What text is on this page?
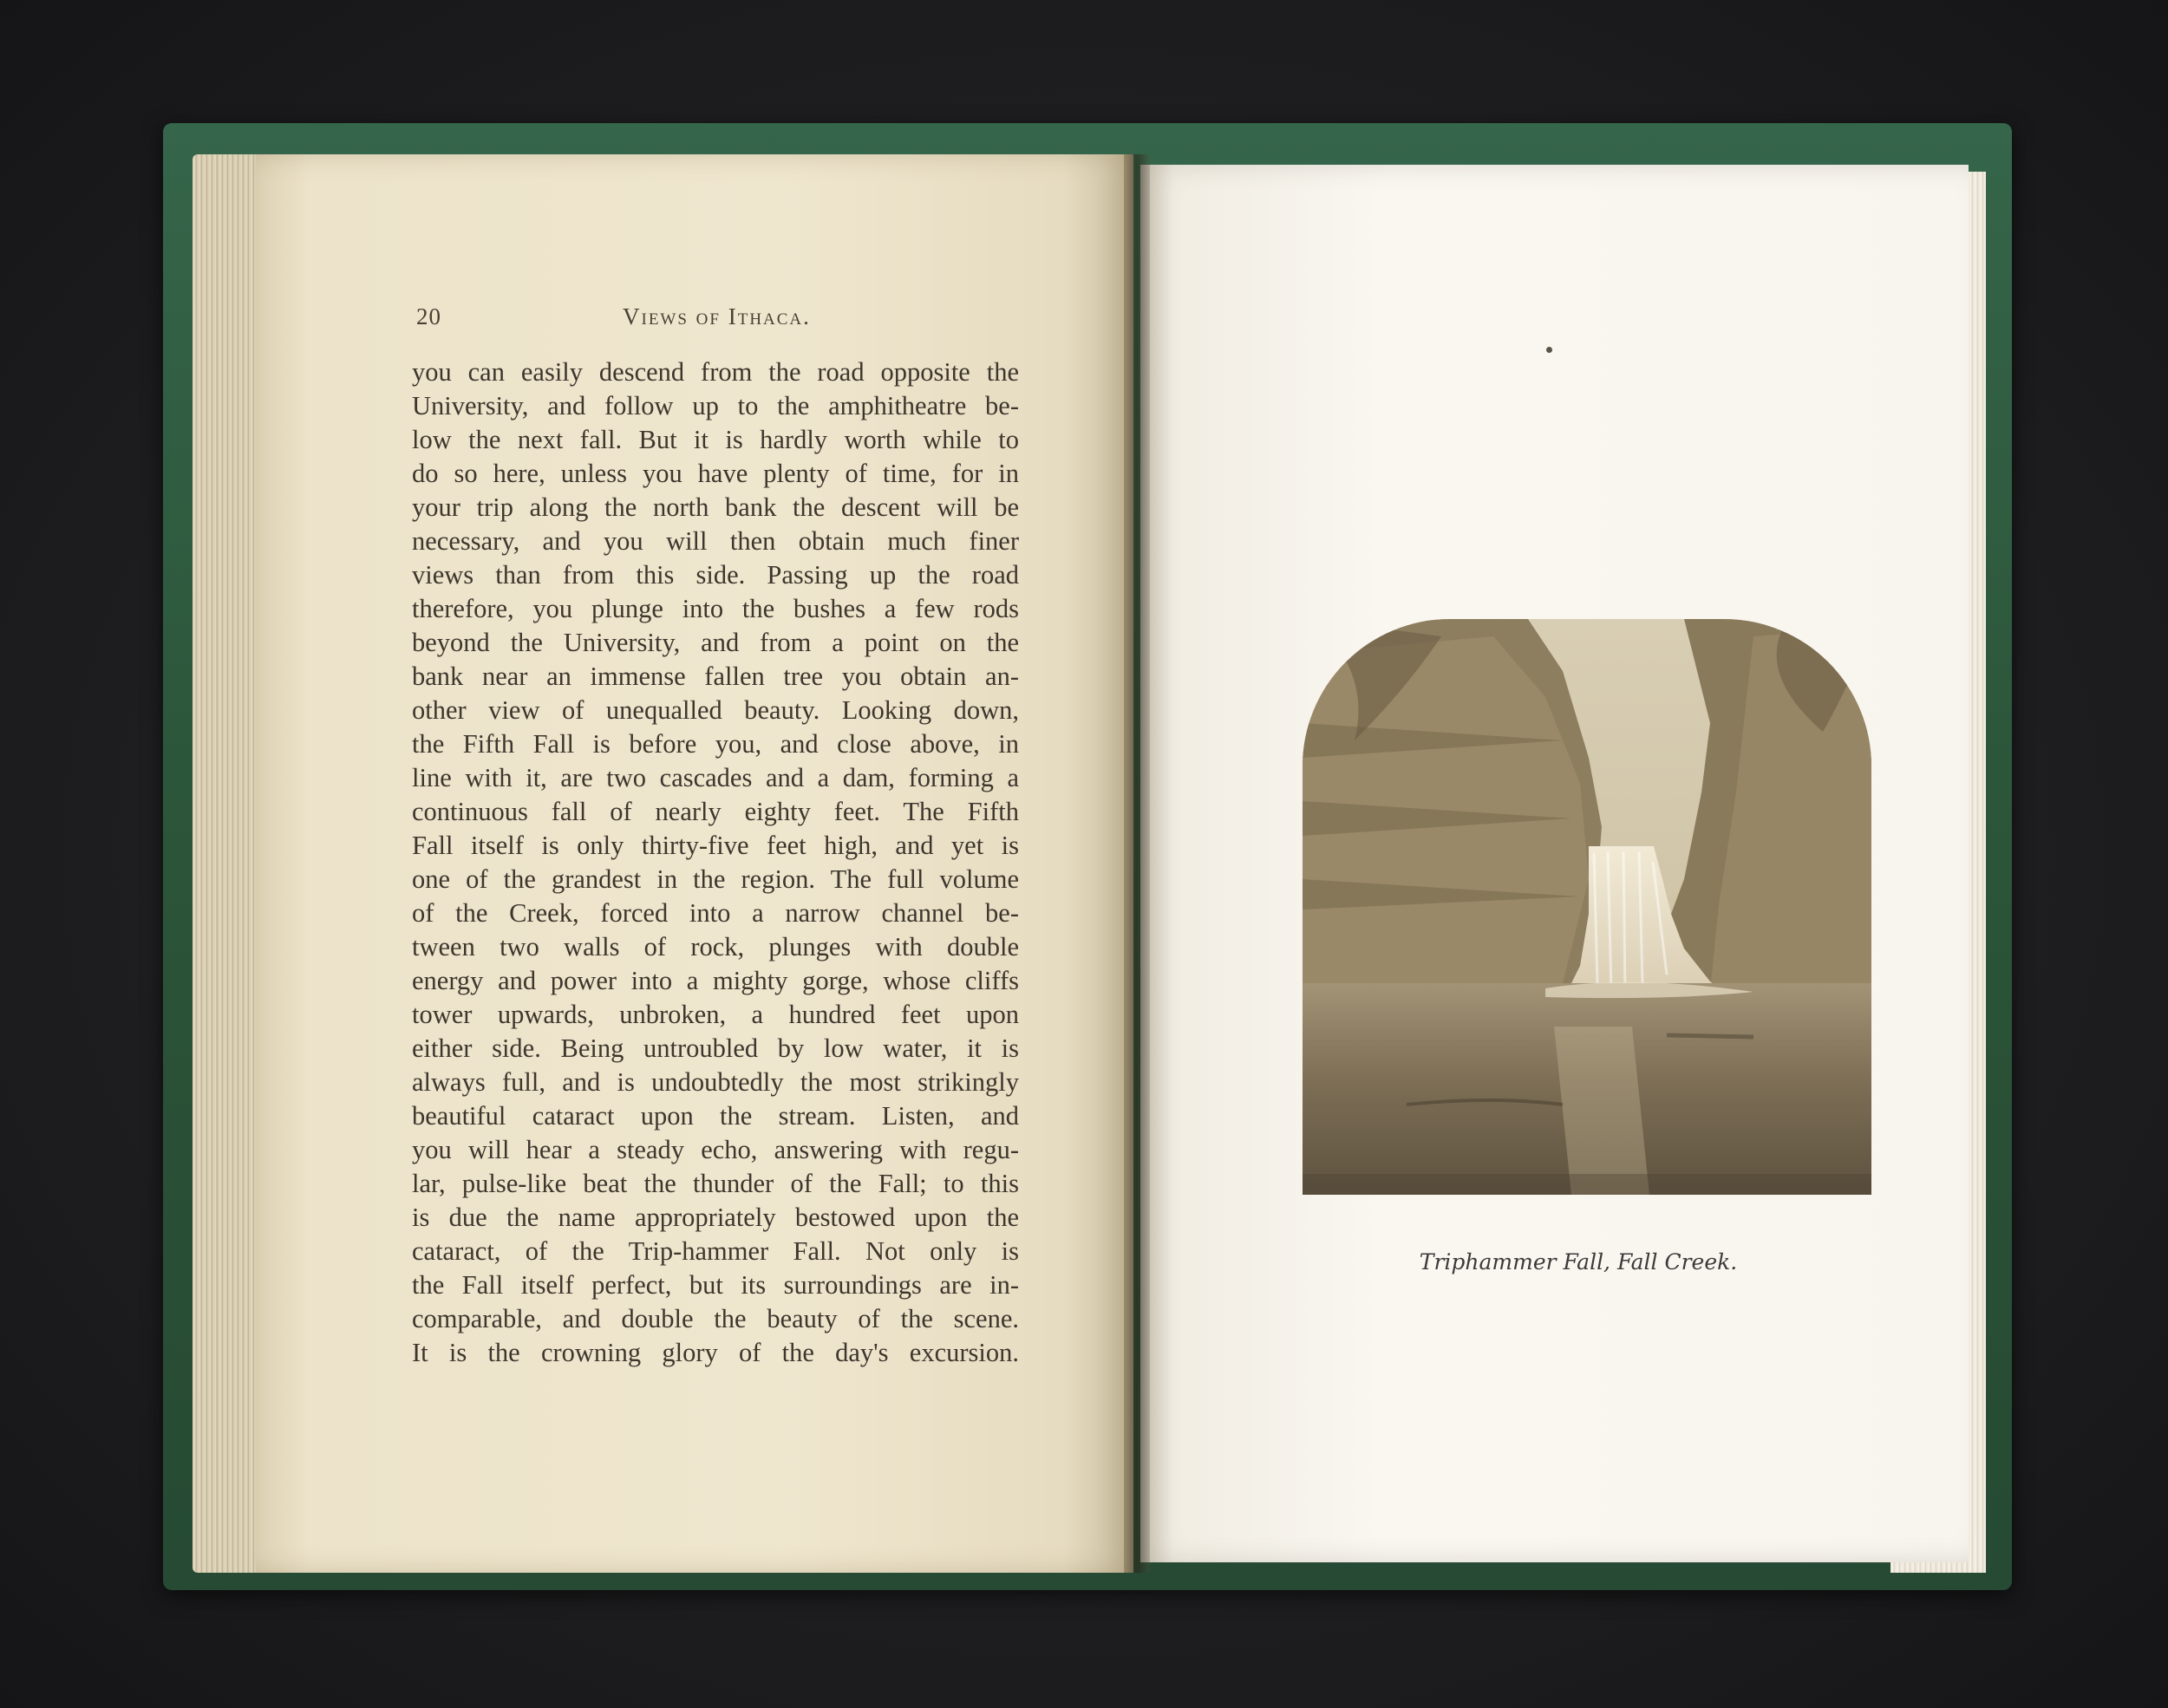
20	Views of Ithaca.
you can easily descend from the road opposite the
University, and follow up to the amphitheatre be-
low the next fall. But it is hardly worth while to
do so here, unless you have plenty of time, for in
your trip along the north bank the descent will be
necessary, and you will then obtain much finer
views than from this side. Passing up the road
therefore, you plunge into the bushes a few rods
beyond the University, and from a point on the
bank near an immense fallen tree you obtain an-
other view of unequalled beauty. Looking down,
the Fifth Fall is before you, and close above, in
line with it, are two cascades and a dam, forming a
continuous fall of nearly eighty feet. The Fifth
Fall itself is only thirty-five feet high, and yet is
one of the grandest in the region. The full volume
of the Creek, forced into a narrow channel be-
tween two walls of rock, plunges with double
energy and power into a mighty gorge, whose cliffs
tower upwards, unbroken, a hundred feet upon
either side. Being untroubled by low water, it is
always full, and is undoubtedly the most strikingly
beautiful cataract upon the stream. Listen, and
you will hear a steady echo, answering with regu-
lar, pulse-like beat the thunder of the Fall; to this
is due the name appropriately bestowed upon the
cataract, of the Trip-hammer Fall. Not only is
the Fall itself perfect, but its surroundings are in-
comparable, and double the beauty of the scene.
It is the crowning glory of the day's excursion.
Triphammer Fall, Fall Creek.
